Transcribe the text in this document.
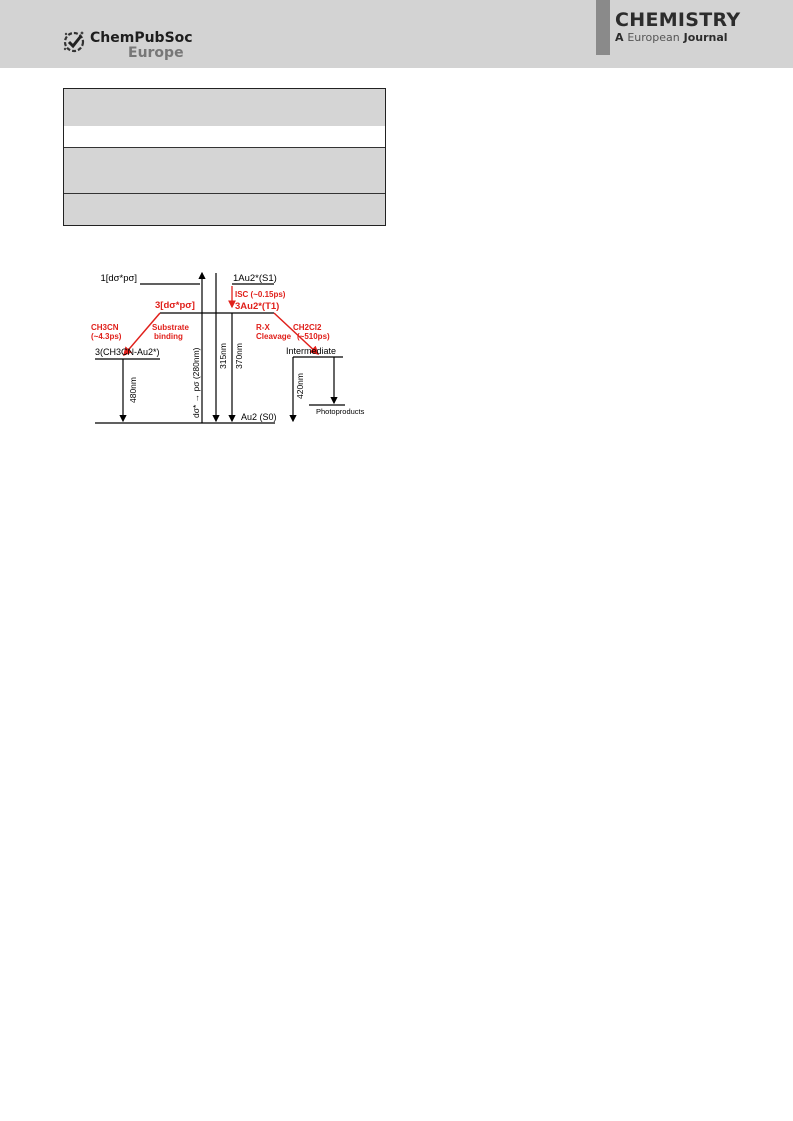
ChemPubSoc
Europe
CHEMISTRY
A European Journal
1[dσ*pσ]	1Au2*(S1)
ISC (~0.15ps)
3[dσ*pσ]	3Au2*(T1)
CH3CN
(~4.3ps)
Substrate
binding
R-X
Cleavage
CH2Cl2
(~510ps)
3(CH3CN-Au2*)	Intermediate
Photoproducts
Au2 (S0)
480nm	dσ* → pσ (280nm) 315nm 370nm
420nm
